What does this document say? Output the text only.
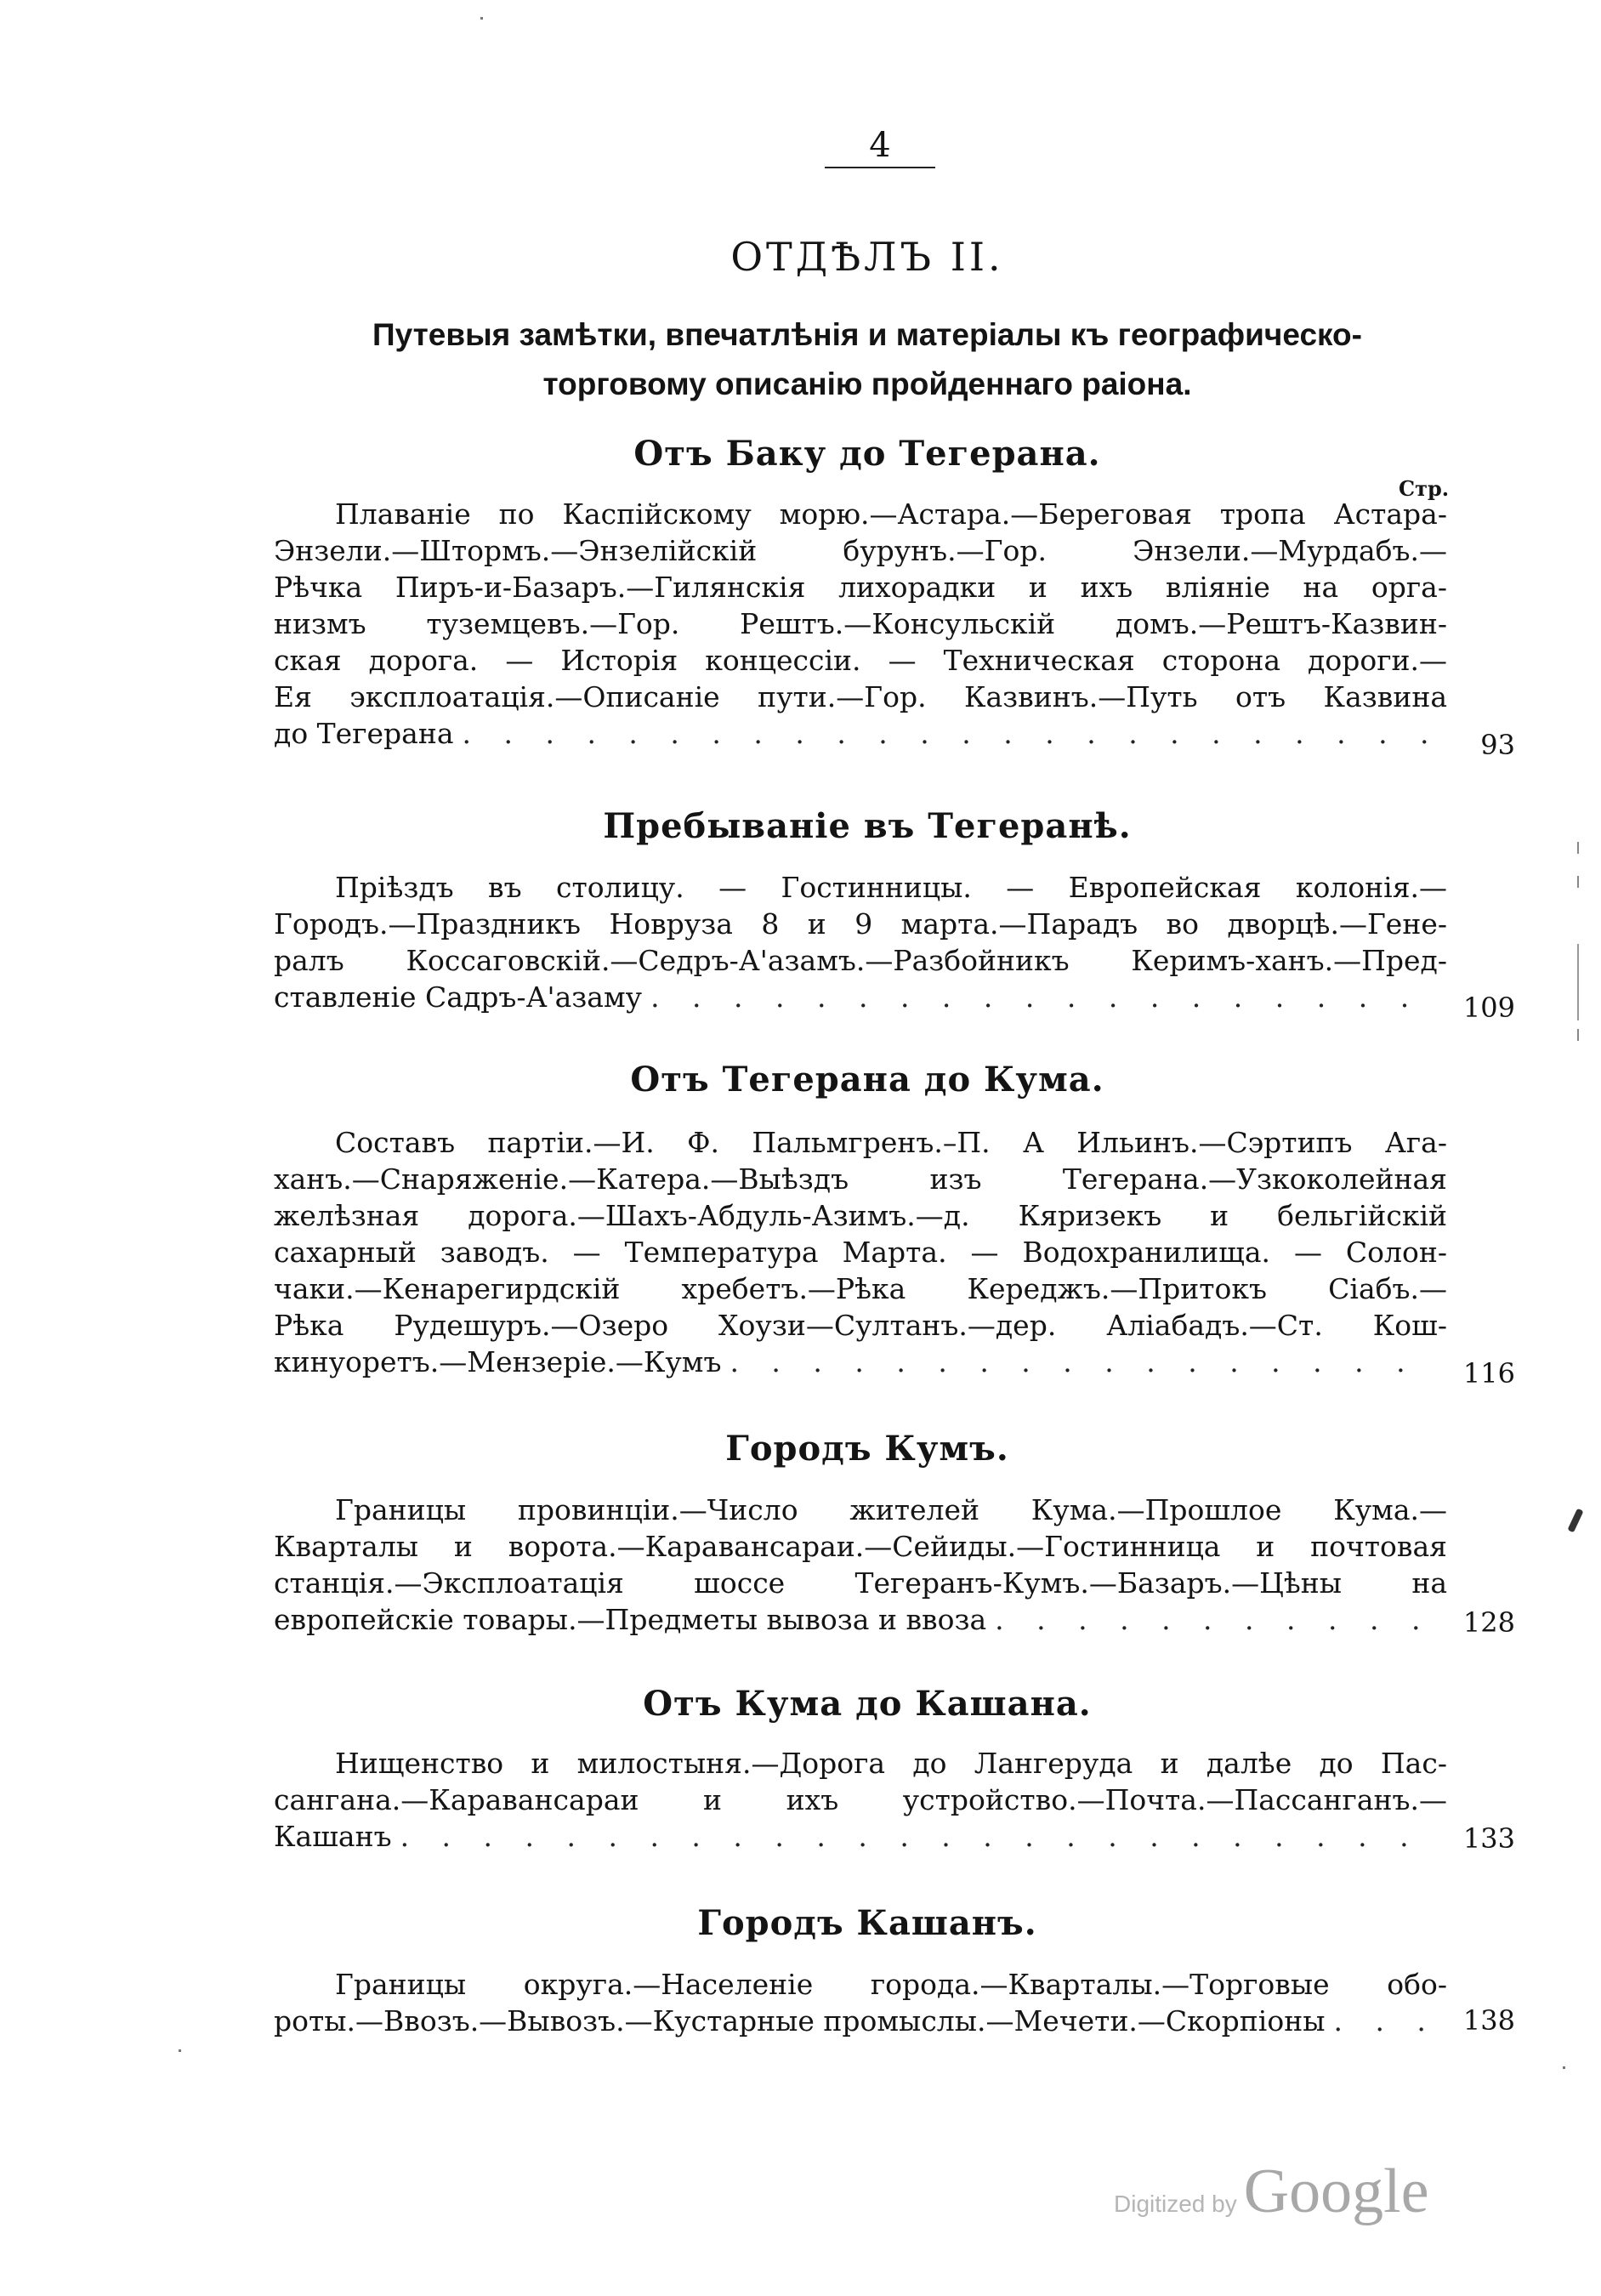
4
ОТДѢЛЪ II.
Путевыя замѣтки, впечатлѣнія и матеріалы къ географическо-
торговому описанію пройденнаго раіона.
Стр.
Отъ Баку до Тегерана.
Плаваніе по Каспійскому морю.—Астара.—Береговая тропа Астара-
Энзели.—Штормъ.—Энзелійскій бурунъ.—Гор. Энзели.—Мурдабъ.—
Рѣчка Пиръ-и-Базаръ.—Гилянскія лихорадки и ихъ вліяніе на орга-
низмъ туземцевъ.—Гор. Рештъ.—Консульскій домъ.—Рештъ-Казвин-
ская дорога. — Исторія концессіи. — Техническая сторона дороги.—
Ея эксплоатація.—Описаніе пути.—Гор. Казвинъ.—Путь отъ Казвина
до Тегерана . . .	93
Пребываніе въ Тегеранѣ.
Пріѣздъ въ столицу. — Гостинницы. — Европейская колонія.—
Городъ.—Праздникъ Новруза 8 и 9 марта.—Парадъ во дворцѣ.—Гене-
ралъ Коссаговскій.—Седръ-А'азамъ.—Разбойникъ Керимъ-ханъ.—Пред-
ставленіе Садръ-А'азаму . . .	109
Отъ Тегерана до Кума.
Составъ партіи.—И. Ф. Пальмгренъ.–П. А Ильинъ.—Сэртипъ Ага-
ханъ.—Снаряженіе.—Катера.—Выѣздъ изъ Тегерана.—Узкоколейная
желѣзная дорога.—Шахъ-Абдуль-Азимъ.—д. Кяризекъ и бельгійскій
сахарный заводъ. — Температура Марта. — Водохранилища. — Солон-
чаки.—Кенарегирдскій хребетъ.—Рѣка Кереджъ.—Притокъ Сіабъ.—
Рѣка Рудешуръ.—Озеро Хоузи—Султанъ.—дер. Аліабадъ.—Ст. Кош-
кинуоретъ.—Мензеріе.—Кумъ . . .	116
Городъ Кумъ.
Границы провинціи.—Число жителей Кума.—Прошлое Кума.—
Кварталы и ворота.—Каравансараи.—Сейиды.—Гостинница и почтовая
станція.—Эксплоатація шоссе Тегеранъ-Кумъ.—Базаръ.—Цѣны на
европейскіе товары.—Предметы вывоза и ввоза . . .	128
Отъ Кума до Кашана.
Нищенство и милостыня.—Дорога до Лангеруда и далѣе до Пас-
сангана.—Каравансараи и ихъ устройство.—Почта.—Пассанганъ.—
Кашанъ . . .	133
Городъ Кашанъ.
Границы округа.—Населеніе города.—Кварталы.—Торговые обо-
роты.—Ввозъ.—Вывозъ.—Кустарные промыслы.—Мечети.—Скорпіоны . . .	138
Digitized by Google
